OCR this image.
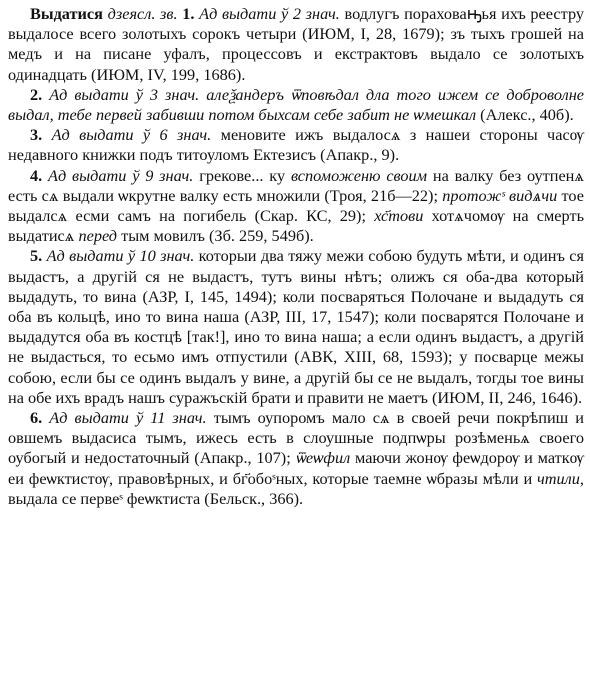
Выдатися дзеясл. зв. 1. Ад выдати ў 2 знач. водлугъ пораховаԣья ихъ реестру выдалосе всего золотыхъ сорокъ четыри (ИЮМ, I, 28, 1679); зъ тыхъ грошей на медъ и на писане уфалъ, процессовъ и екстрактовъ выдало се золотыхъ одинадцать (ИЮМ, IV, 199, 1686).

2. Ад выдати ў 3 знач. алеѯандеръ ѿповѣдал дла того ижем се доброволне выдал, тебе первей забивши потом быхсам себе забит не ѡмешкал (Алекс., 40б).

3. Ад выдати ў 6 знач. меновите ижъ выдалосѧ з нашеи стороны часѹ недавного книжки подъ титоуломъ Ектезисъ (Апакр., 9).

4. Ад выдати ў 9 знач. грекове... ку вспоможеню своим на валку без оутпенѧ есть сѧ выдали ѡкрутне валку есть множили (Троя, 21б—22); протожˢ видѧчи тое выдалсѧ есми самъ на погибель (Скар. КС, 29); хс҃тови хотѧчомѹ на смерть выдатисѧ перед тым мовилъ (Зб. 259, 549б).

5. Ад выдати ў 10 знач. которыи два тяжу межи собою будуть мѣти, и одинъ ся выдастъ, а другій ся не выдастъ, тутъ вины нѣтъ; олижъ ся оба-два который выдадуть, то вина (АЗР, I, 145, 1494); коли посваряться Полочане и выдадуть ся оба въ кольцѣ, ино то вина наша (АЗР, III, 17, 1547); коли посварятся Полочане и выдадутся оба въ костцѣ [так!], ино то вина наша; а если одинъ выдастъ, а другій не выдасться, то есьмо имъ отпустили (АВК, XIII, 68, 1593); у посварце межы собою, если бы се одинъ выдалъ у вине, а другій бы се не выдалъ, тогды тое вины на обе ихъ врадъ нашъ суражъскій брати и правити не маетъ (ИЮМ, II, 246, 1646).

6. Ад выдати ў 11 знач. тымъ оупоромъ мало сѧ в своей речи покрѣпиш и овшемъ выдасиса тымъ, ижесь есть в слоушные подпѡры розѣменьѧ своего оубогый и недостаточный (Апакр., 107); ѿеѡфил маючи жонѹ феѡдорѹ и маткѹ еи феѡктистѹ, правовѣрных, и бг҃обоˢных, которые таемне ѡбразы мѣли и чтили, выдала се первеˢ феѡктиста (Бельск., 366).
